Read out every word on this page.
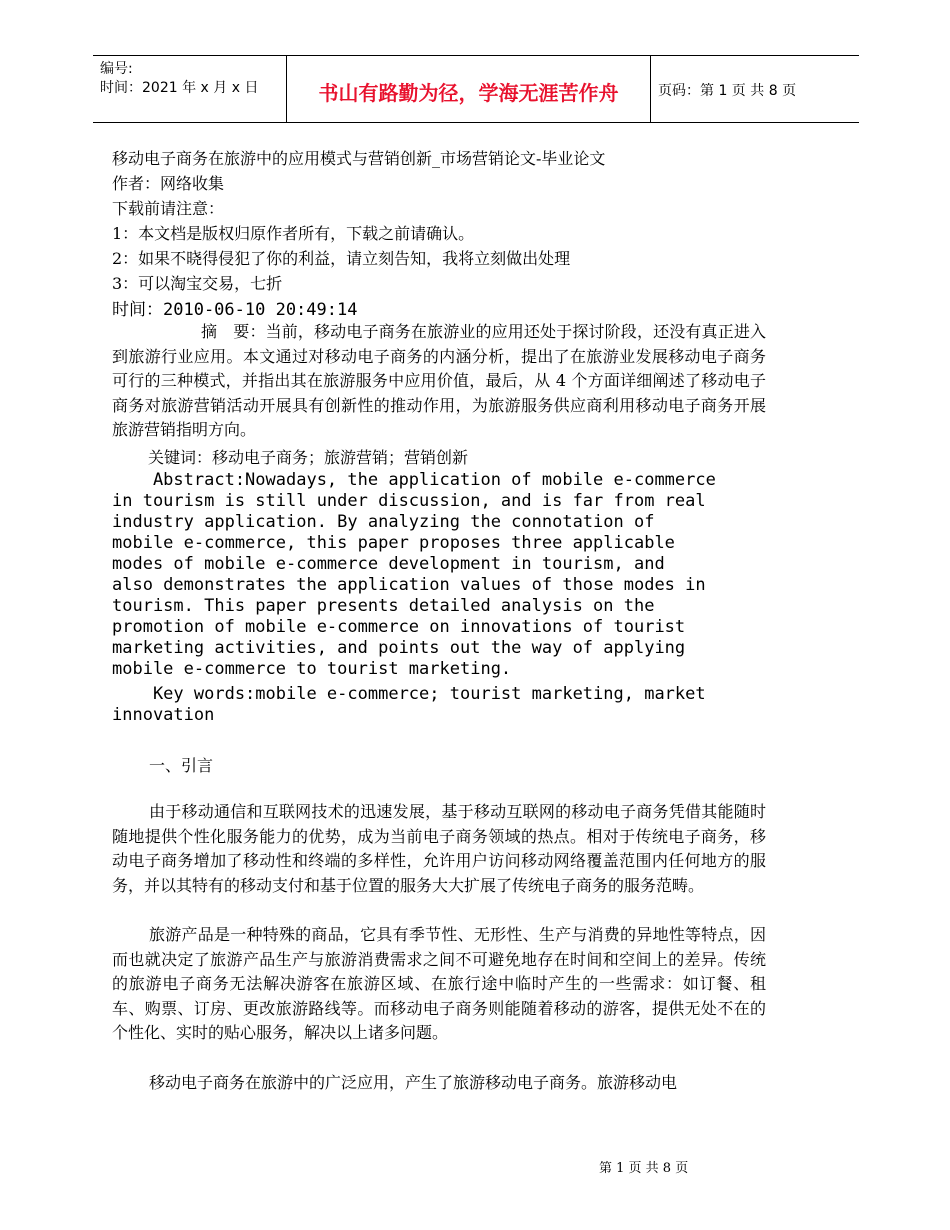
编号:
时间：2021 年 x 月 x 日	书山有路勤为径，学海无涯苦作舟	页码：第 1 页 共 8 页
移动电子商务在旅游中的应用模式与营销创新_市场营销论文-毕业论文
作者：网络收集
下载前请注意：
1：本文档是版权归原作者所有，下载之前请确认。
2：如果不晓得侵犯了你的利益，请立刻告知，我将立刻做出处理
3：可以淘宝交易，七折
时间：2010-06-10 20:49:14
摘　要：当前，移动电子商务在旅游业的应用还处于探讨阶段，还没有真正进入到旅游行业应用。本文通过对移动电子商务的内涵分析，提出了在旅游业发展移动电子商务可行的三种模式，并指出其在旅游服务中应用价值，最后，从 4 个方面详细阐述了移动电子商务对旅游营销活动开展具有创新性的推动作用，为旅游服务供应商利用移动电子商务开展旅游营销指明方向。
关键词：移动电子商务；旅游营销；营销创新
Abstract:Nowadays, the application of mobile e-commerce
in tourism is still under discussion, and is far from real
industry application. By analyzing the connotation of
mobile e-commerce, this paper proposes three applicable
modes of mobile e-commerce development in tourism, and
also demonstrates the application values of those modes in
tourism. This paper presents detailed analysis on the
promotion of mobile e-commerce on innovations of tourist
marketing activities, and points out the way of applying
mobile e-commerce to tourist marketing.
Key words:mobile e-commerce; tourist marketing, market
innovation
一、引言
由于移动通信和互联网技术的迅速发展，基于移动互联网的移动电子商务凭借其能随时随地提供个性化服务能力的优势，成为当前电子商务领域的热点。相对于传统电子商务，移动电子商务增加了移动性和终端的多样性，允许用户访问移动网络覆盖范围内任何地方的服务，并以其特有的移动支付和基于位置的服务大大扩展了传统电子商务的服务范畴。
旅游产品是一种特殊的商品，它具有季节性、无形性、生产与消费的异地性等特点，因而也就决定了旅游产品生产与旅游消费需求之间不可避免地存在时间和空间上的差异。传统的旅游电子商务无法解决游客在旅游区域、在旅行途中临时产生的一些需求：如订餐、租车、购票、订房、更改旅游路线等。而移动电子商务则能随着移动的游客，提供无处不在的个性化、实时的贴心服务，解决以上诸多问题。
移动电子商务在旅游中的广泛应用，产生了旅游移动电子商务。旅游移动电
第 1 页 共 8 页
